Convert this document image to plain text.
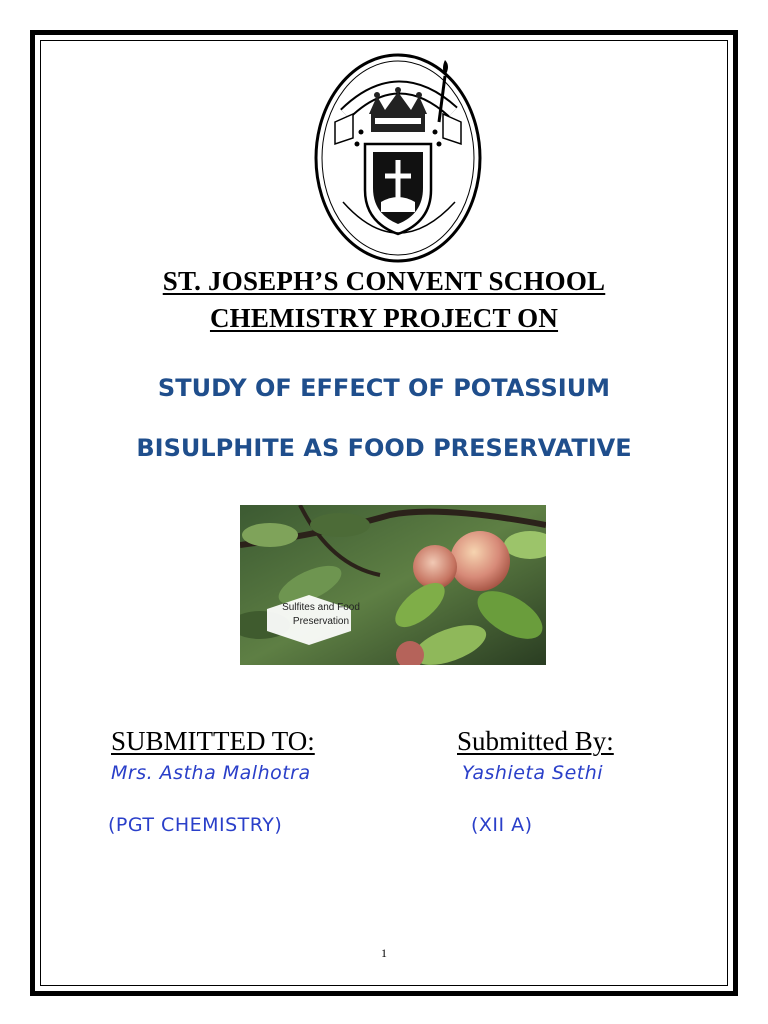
ST. JOSEPH’S CONVENT SCHOOL
CHEMISTRY PROJECT ON
STUDY OF EFFECT OF POTASSIUM
BISULPHITE AS FOOD PRESERVATIVE
Sulfites and Food Preservation
SUBMITTED TO:	Submitted By:
Mrs. Astha Malhotra	Yashieta Sethi
(PGT CHEMISTRY)	(XII A)
1
